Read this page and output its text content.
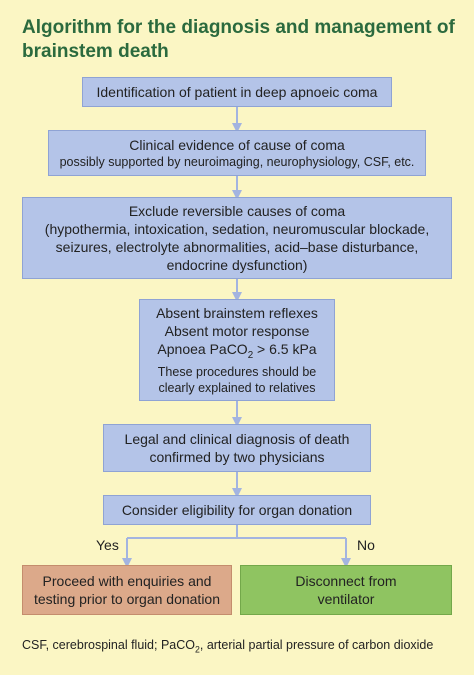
Algorithm for the diagnosis and management of brainstem death
Identification of patient in deep apnoeic coma
Clinical evidence of cause of coma
possibly supported by neuroimaging, neurophysiology, CSF, etc.
Exclude reversible causes of coma
(hypothermia, intoxication, sedation, neuromuscular blockade,
seizures, electrolyte abnormalities, acid–base disturbance,
endocrine dysfunction)
Absent brainstem reflexes
Absent motor response
Apnoea PaCO$_2$ > 6.5 kPa
These procedures should be
clearly explained to relatives
Legal and clinical diagnosis of death
confirmed by two physicians
Consider eligibility for organ donation
Yes	No
Proceed with enquiries and
testing prior to organ donation
Disconnect from
ventilator
CSF, cerebrospinal fluid; PaCO$_2$, arterial partial pressure of carbon dioxide
